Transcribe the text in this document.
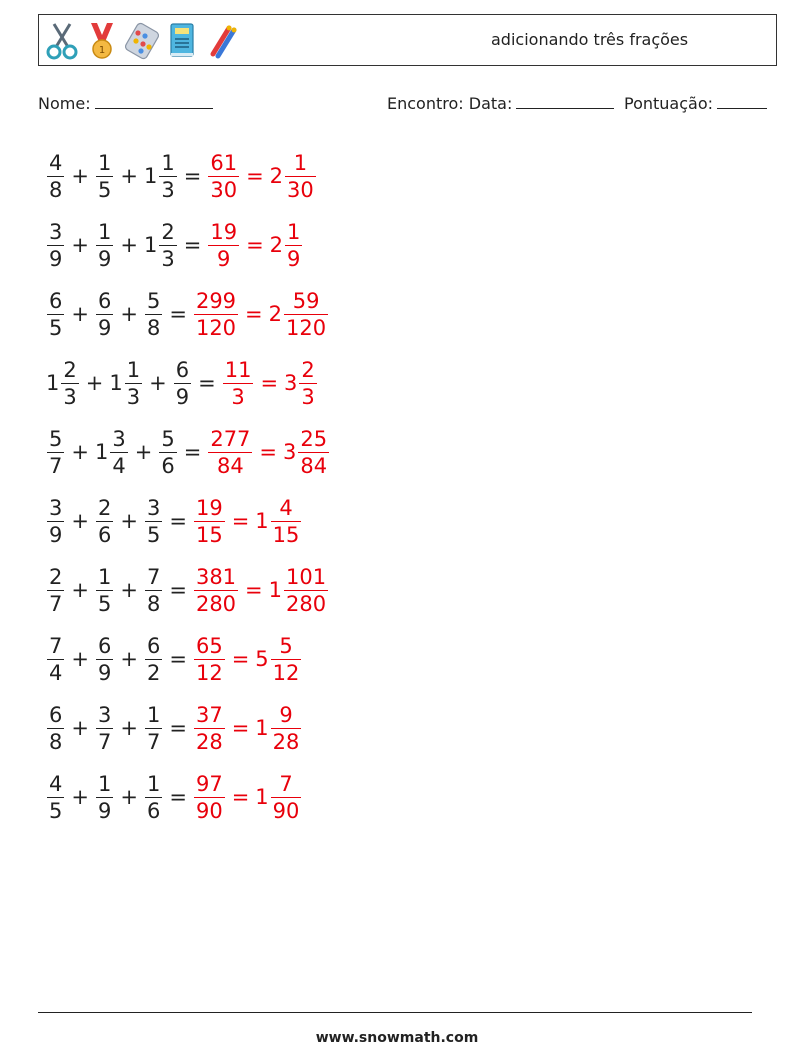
1
adicionando três frações
Nome:	Encontro: Data:	Pontuação:
$\frac{4}{8} + \frac{1}{5} + 1 \frac{1}{3} = \frac{61}{30} = 2 \frac{1}{30}$
$\frac{3}{9} + \frac{1}{9} + 1 \frac{2}{3} = \frac{19}{9} = 2 \frac{1}{9}$
$\frac{6}{5} + \frac{6}{9} + \frac{5}{8} = \frac{299}{120} = 2 \frac{59}{120}$
$1 \frac{2}{3} + 1 \frac{1}{3} + \frac{6}{9} = \frac{11}{3} = 3 \frac{2}{3}$
$\frac{5}{7} + 1 \frac{3}{4} + \frac{5}{6} = \frac{277}{84} = 3 \frac{25}{84}$
$\frac{3}{9} + \frac{2}{6} + \frac{3}{5} = \frac{19}{15} = 1 \frac{4}{15}$
$\frac{2}{7} + \frac{1}{5} + \frac{7}{8} = \frac{381}{280} = 1 \frac{101}{280}$
$\frac{7}{4} + \frac{6}{9} + \frac{6}{2} = \frac{65}{12} = 5 \frac{5}{12}$
$\frac{6}{8} + \frac{3}{7} + \frac{1}{7} = \frac{37}{28} = 1 \frac{9}{28}$
$\frac{4}{5} + \frac{1}{9} + \frac{1}{6} = \frac{97}{90} = 1 \frac{7}{90}$
www.snowmath.com
